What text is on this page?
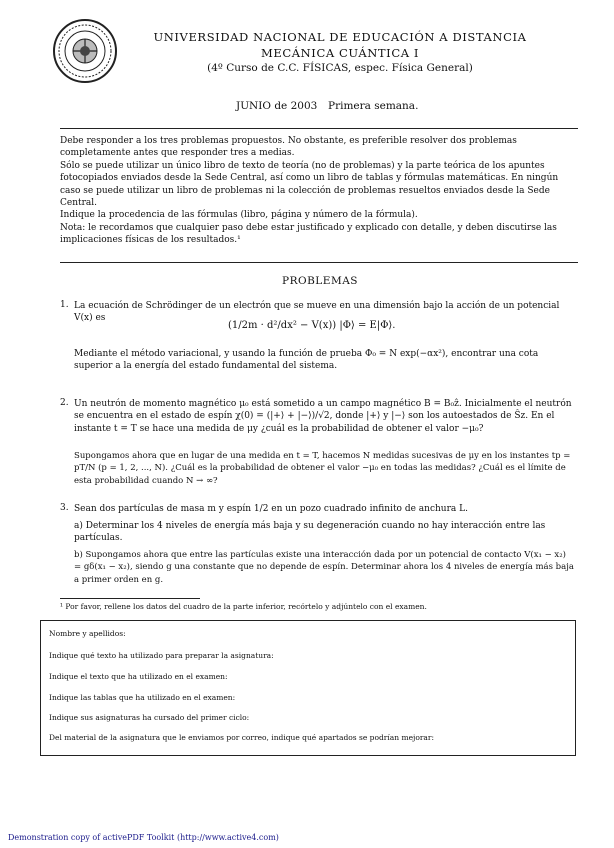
UNIVERSIDAD NACIONAL DE EDUCACIÓN A DISTANCIA
MECÁNICA CUÁNTICA I
(4º Curso de C.C. FÍSICAS, espec. Física General)
JUNIO de 2003 Primera semana.

Debe responder a los tres problemas propuestos. No obstante, es preferible resolver dos problemas completamente antes que responder tres a medias.

Sólo se puede utilizar un único libro de texto de teoría (no de problemas) y la parte teórica de los apuntes fotocopiados enviados desde la Sede Central, así como un libro de tablas y fórmulas matemáticas. En ningún caso se puede utilizar un libro de problemas ni la colección de problemas resueltos enviados desde la Sede Central.

Indique la procedencia de las fórmulas (libro, página y número de la fórmula).

Nota: le recordamos que cualquier paso debe estar justificado y explicado con detalle, y deben discutirse las implicaciones físicas de los resultados.¹

PROBLEMAS
1. La ecuación de Schrödinger de un electrón que se mueve en una dimensión bajo la acción de un potencial V(x) es
(1/2m · d²/dx² − V(x)) |Φ⟩ = E|Φ⟩.
Mediante el método variacional, y usando la función de prueba Φ₀ = N exp(−αx²), encontrar una cota superior a la energía del estado fundamental del sistema.
2. Un neutrón de momento magnético μ₀ está sometido a un campo magnético B = B₀ẑ. Inicialmente el neutrón se encuentra en el estado de espín χ(0) = (|+⟩ + |−⟩)/√2, donde |+⟩ y |−⟩ son los autoestados de Ŝz. En el instante t = T se hace una medida de μy ¿cuál es la probabilidad de obtener el valor −μ₀?
Supongamos ahora que en lugar de una medida en t = T, hacemos N medidas sucesivas de μy en los instantes tp = pT/N (p = 1, 2, ..., N). ¿Cuál es la probabilidad de obtener el valor −μ₀ en todas las medidas? ¿Cuál es el límite de esta probabilidad cuando N → ∞?
3. Sean dos partículas de masa m y espín 1/2 en un pozo cuadrado infinito de anchura L.
a) Determinar los 4 niveles de energía más baja y su degeneración cuando no hay interacción entre las partículas.
b) Supongamos ahora que entre las partículas existe una interacción dada por un potencial de contacto V(x₁ − x₂) = gδ(x₁ − x₂), siendo g una constante que no depende de espín. Determinar ahora los 4 niveles de energía más baja a primer orden en g.
¹ Por favor, rellene los datos del cuadro de la parte inferior, recórtelo y adjúntelo con el examen.
Nombre y apellidos:
Indique qué texto ha utilizado para preparar la asignatura:
Indique el texto que ha utilizado en el examen:
Indique las tablas que ha utilizado en el examen:
Indique sus asignaturas ha cursado del primer ciclo:
Del material de la asignatura que le enviamos por correo, indique qué apartados se podrían mejorar:
Demonstration copy of activePDF Toolkit (http://www.active4.com)
